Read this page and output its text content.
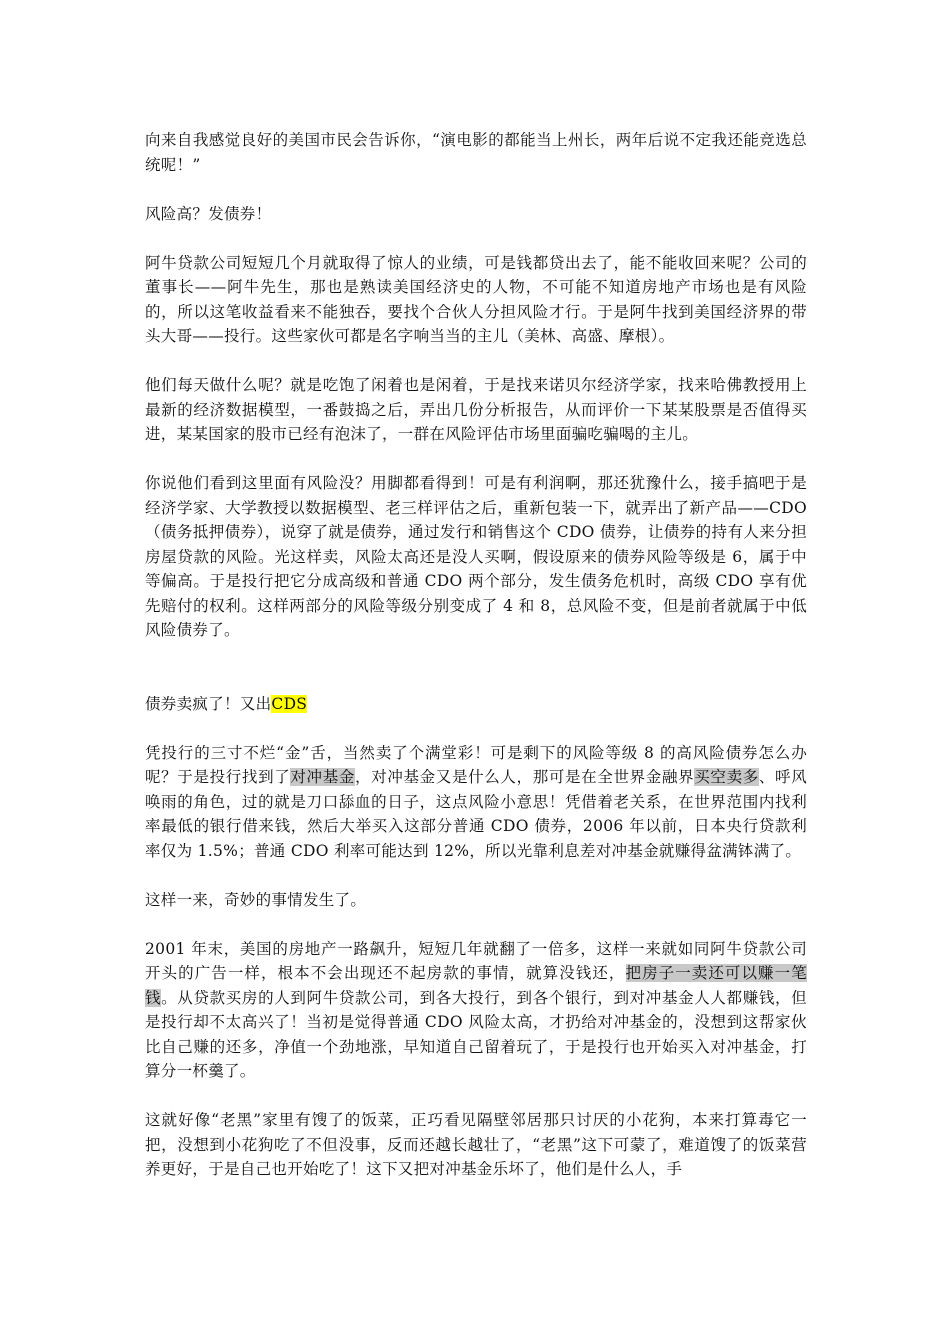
向来自我感觉良好的美国市民会告诉你，“演电影的都能当上州长，两年后说不定我还能竞选总统呢！”

风险高？发债券！

阿牛贷款公司短短几个月就取得了惊人的业绩，可是钱都贷出去了，能不能收回来呢？公司的董事长——阿牛先生，那也是熟读美国经济史的人物，不可能不知道房地产市场也是有风险的，所以这笔收益看来不能独吞，要找个合伙人分担风险才行。于是阿牛找到美国经济界的带头大哥——投行。这些家伙可都是名字响当当的主儿（美林、高盛、摩根）。

他们每天做什么呢？就是吃饱了闲着也是闲着，于是找来诺贝尔经济学家，找来哈佛教授用上最新的经济数据模型，一番鼓捣之后，弄出几份分析报告，从而评价一下某某股票是否值得买进，某某国家的股市已经有泡沫了，一群在风险评估市场里面骗吃骗喝的主儿。

你说他们看到这里面有风险没？用脚都看得到！可是有利润啊，那还犹豫什么，接手搞吧于是经济学家、大学教授以数据模型、老三样评估之后，重新包装一下，就弄出了新产品——CDO（债务抵押债券），说穿了就是债券，通过发行和销售这个 CDO 债券，让债券的持有人来分担房屋贷款的风险。光这样卖，风险太高还是没人买啊，假设原来的债券风险等级是 6，属于中等偏高。于是投行把它分成高级和普通 CDO 两个部分，发生债务危机时，高级 CDO 享有优先赔付的权利。这样两部分的风险等级分别变成了 4 和 8，总风险不变，但是前者就属于中低风险债券了。

债券卖疯了！又出CDS

凭投行的三寸不烂“金”舌，当然卖了个满堂彩！可是剩下的风险等级 8 的高风险债券怎么办呢？于是投行找到了对冲基金，对冲基金又是什么人，那可是在全世界金融界买空卖多、呼风唤雨的角色，过的就是刀口舔血的日子，这点风险小意思！凭借着老关系，在世界范围内找利率最低的银行借来钱，然后大举买入这部分普通 CDO 债券，2006 年以前，日本央行贷款利率仅为 1.5%；普通 CDO 利率可能达到 12%，所以光靠利息差对冲基金就赚得盆满钵满了。

这样一来，奇妙的事情发生了。

2001 年末，美国的房地产一路飙升，短短几年就翻了一倍多，这样一来就如同阿牛贷款公司开头的广告一样，根本不会出现还不起房款的事情，就算没钱还，把房子一卖还可以赚一笔钱。从贷款买房的人到阿牛贷款公司，到各大投行，到各个银行，到对冲基金人人都赚钱，但是投行却不太高兴了！当初是觉得普通 CDO 风险太高，才扔给对冲基金的，没想到这帮家伙比自己赚的还多，净值一个劲地涨，早知道自己留着玩了，于是投行也开始买入对冲基金，打算分一杯羹了。

这就好像“老黑”家里有馊了的饭菜，正巧看见隔壁邻居那只讨厌的小花狗，本来打算毒它一把，没想到小花狗吃了不但没事，反而还越长越壮了，“老黑”这下可蒙了，难道馊了的饭菜营养更好，于是自己也开始吃了！这下又把对冲基金乐坏了，他们是什么人，手
